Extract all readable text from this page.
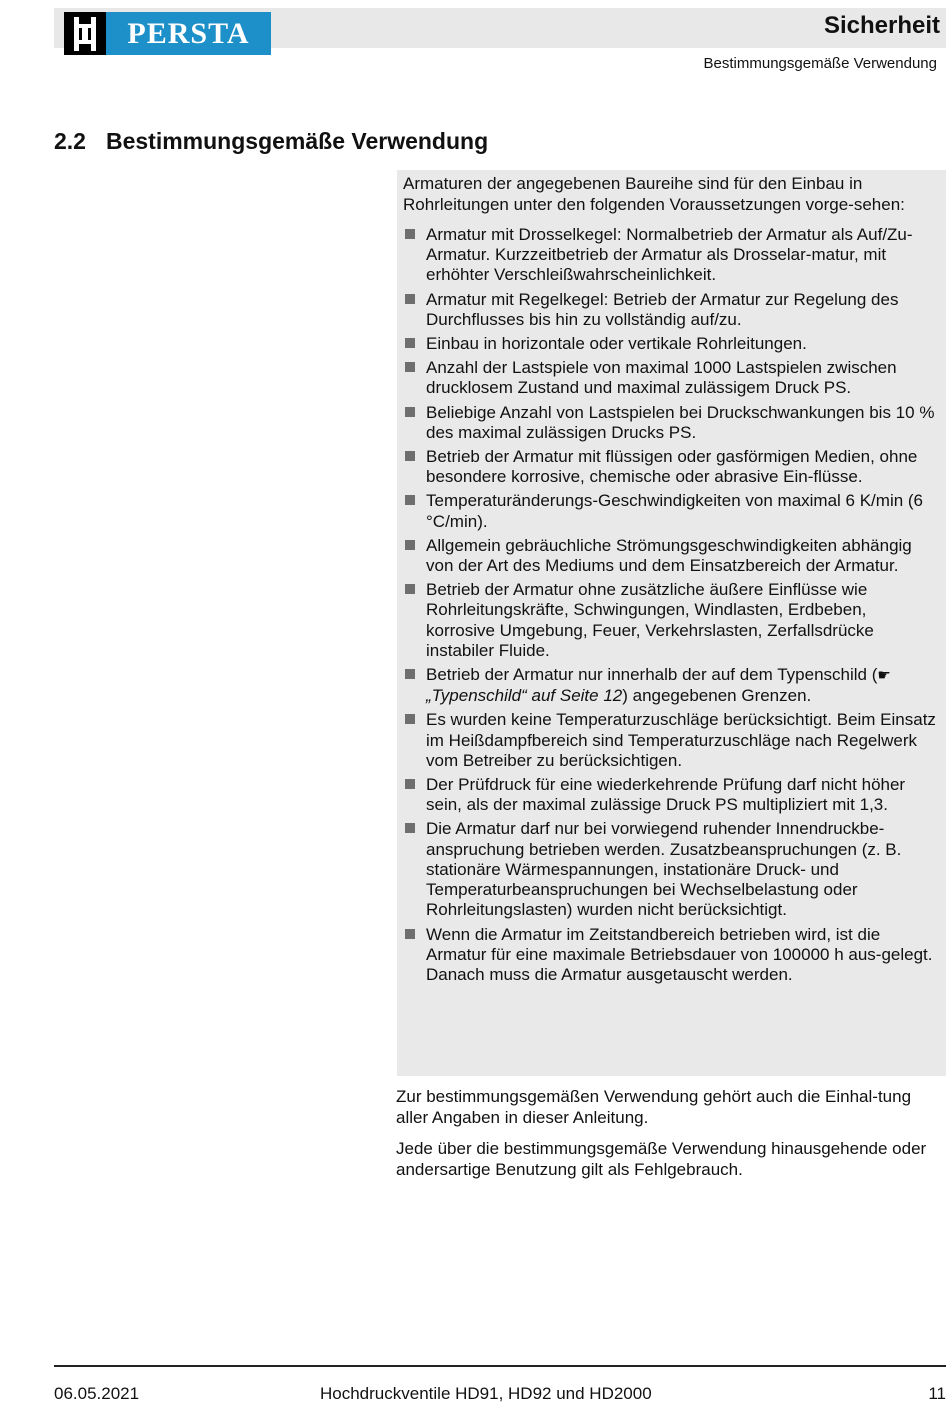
PERSTA	Sicherheit
Bestimmungsgemäße Verwendung
2.2 Bestimmungsgemäße Verwendung

Armaturen der angegebenen Baureihe sind für den Einbau in Rohrleitungen unter den folgenden Voraussetzungen vorge-sehen:

Armatur mit Drosselkegel: Normalbetrieb der Armatur als Auf/Zu-Armatur. Kurzzeitbetrieb der Armatur als Drosselar-matur, mit erhöhter Verschleißwahrscheinlichkeit.
Armatur mit Regelkegel: Betrieb der Armatur zur Regelung des Durchflusses bis hin zu vollständig auf/zu.
Einbau in horizontale oder vertikale Rohrleitungen.
Anzahl der Lastspiele von maximal 1000 Lastspielen zwischen drucklosem Zustand und maximal zulässigem Druck PS.
Beliebige Anzahl von Lastspielen bei Druckschwankungen bis 10 % des maximal zulässigen Drucks PS.
Betrieb der Armatur mit flüssigen oder gasförmigen Medien, ohne besondere korrosive, chemische oder abrasive Ein-flüsse.
Temperaturänderungs-Geschwindigkeiten von maximal 6 K/min (6 °C/min).
Allgemein gebräuchliche Strömungsgeschwindigkeiten abhängig von der Art des Mediums und dem Einsatzbereich der Armatur.
Betrieb der Armatur ohne zusätzliche äußere Einflüsse wie Rohrleitungskräfte, Schwingungen, Windlasten, Erdbeben, korrosive Umgebung, Feuer, Verkehrslasten, Zerfallsdrücke instabiler Fluide.
Betrieb der Armatur nur innerhalb der auf dem Typenschild (☛„Typenschild“ auf Seite 12) angegebenen Grenzen.
Es wurden keine Temperaturzuschläge berücksichtigt. Beim Einsatz im Heißdampfbereich sind Temperaturzuschläge nach Regelwerk vom Betreiber zu berücksichtigen.
Der Prüfdruck für eine wiederkehrende Prüfung darf nicht höher sein, als der maximal zulässige Druck PS multipliziert mit 1,3.
Die Armatur darf nur bei vorwiegend ruhender Innendruckbe-anspruchung betrieben werden. Zusatzbeanspruchungen (z. B. stationäre Wärmespannungen, instationäre Druck- und Temperaturbeanspruchungen bei Wechselbelastung oder Rohrleitungslasten) wurden nicht berücksichtigt.
Wenn die Armatur im Zeitstandbereich betrieben wird, ist die Armatur für eine maximale Betriebsdauer von 100000 h aus-gelegt. Danach muss die Armatur ausgetauscht werden.

Zur bestimmungsgemäßen Verwendung gehört auch die Einhal-tung aller Angaben in dieser Anleitung.

Jede über die bestimmungsgemäße Verwendung hinausgehende oder andersartige Benutzung gilt als Fehlgebrauch.

06.05.2021	Hochdruckventile HD91, HD92 und HD2000	11
